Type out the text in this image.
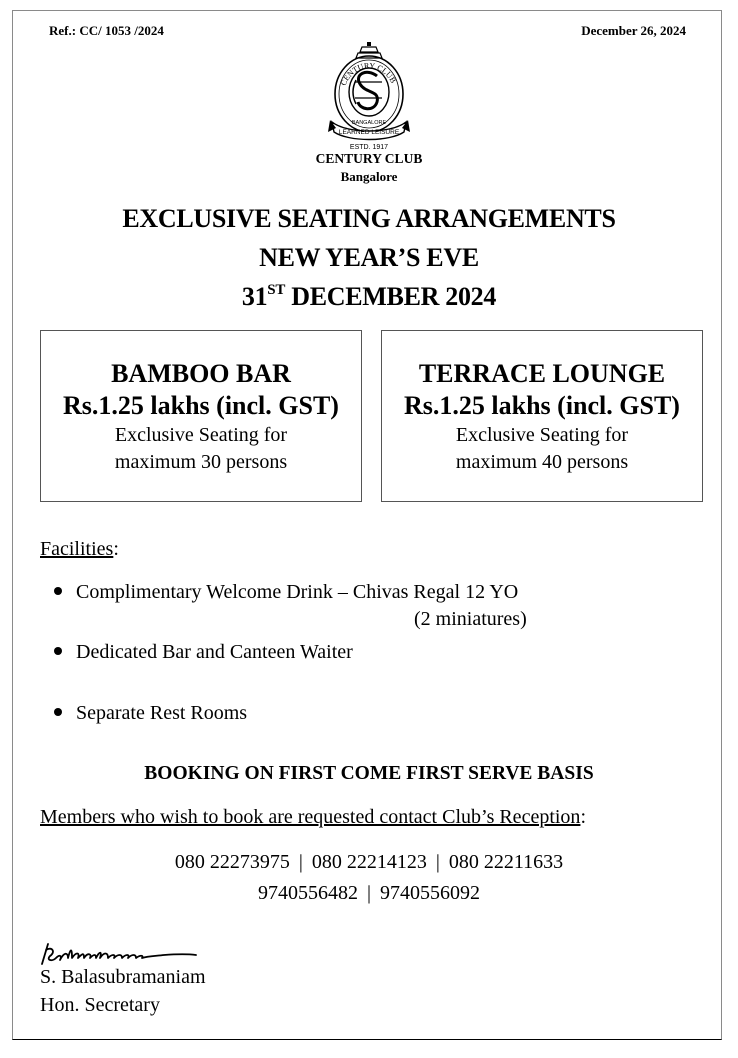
Ref.: CC/ 1053 /2024	December 26, 2024
CENTURY CLUB
LEARNED LEISURE
BANGALORE
ESTD. 1917
CENTURY CLUB
Bangalore
EXCLUSIVE SEATING ARRANGEMENTS
NEW YEAR’S EVE
31ST DECEMBER 2024
BAMBOO BAR
Rs.1.25 lakhs (incl. GST)
Exclusive Seating for
maximum 30 persons
TERRACE LOUNGE
Rs.1.25 lakhs (incl. GST)
Exclusive Seating for
maximum 40 persons
Facilities:
Complimentary Welcome Drink – Chivas Regal 12 YO
(2 miniatures)
Dedicated Bar and Canteen Waiter
Separate Rest Rooms
BOOKING ON FIRST COME FIRST SERVE BASIS
Members who wish to book are requested contact Club’s Reception:
080 22273975 | 080 22214123 | 080 22211633
9740556482 | 9740556092
S. Balasubramaniam
Hon. Secretary
